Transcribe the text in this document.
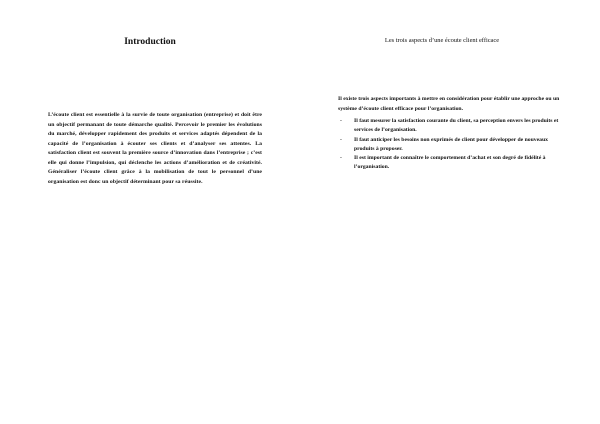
Introduction
L’écoute client est essentielle à la survie de toute organisation (entreprise) et doit être un objectif permanant de toute démarche qualité. Percevoir le premier les évolutions du marché, développer rapidement des produits et services adaptés dépendent de la capacité de l’organisation à écouter ses clients et d’analyser ses attentes. La satisfaction client est souvent la première source d’innovation dans l’entreprise ; c’est elle qui donne l’impulsion, qui déclenche les actions d’amélioration et de créativité. Généraliser l’écoute client grâce à la mobilisation de tout le personnel d’une organisation est donc un objectif déterminant pour sa réussite.
Les trois aspects d’une écoute client efficace
Il existe trois aspects importants à mettre en considération pour établir une approche ou un système d’écoute client efficace pour l’organisation.
- Il faut mesurer la satisfaction courante du client, sa perception envers les produits et services de l’organisation.
- Il faut anticiper les besoins non exprimés de client pour développer de nouveaux produits à proposer.
- Il est important de connaître le comportement d’achat et son degré de fidélité à l’organisation.
